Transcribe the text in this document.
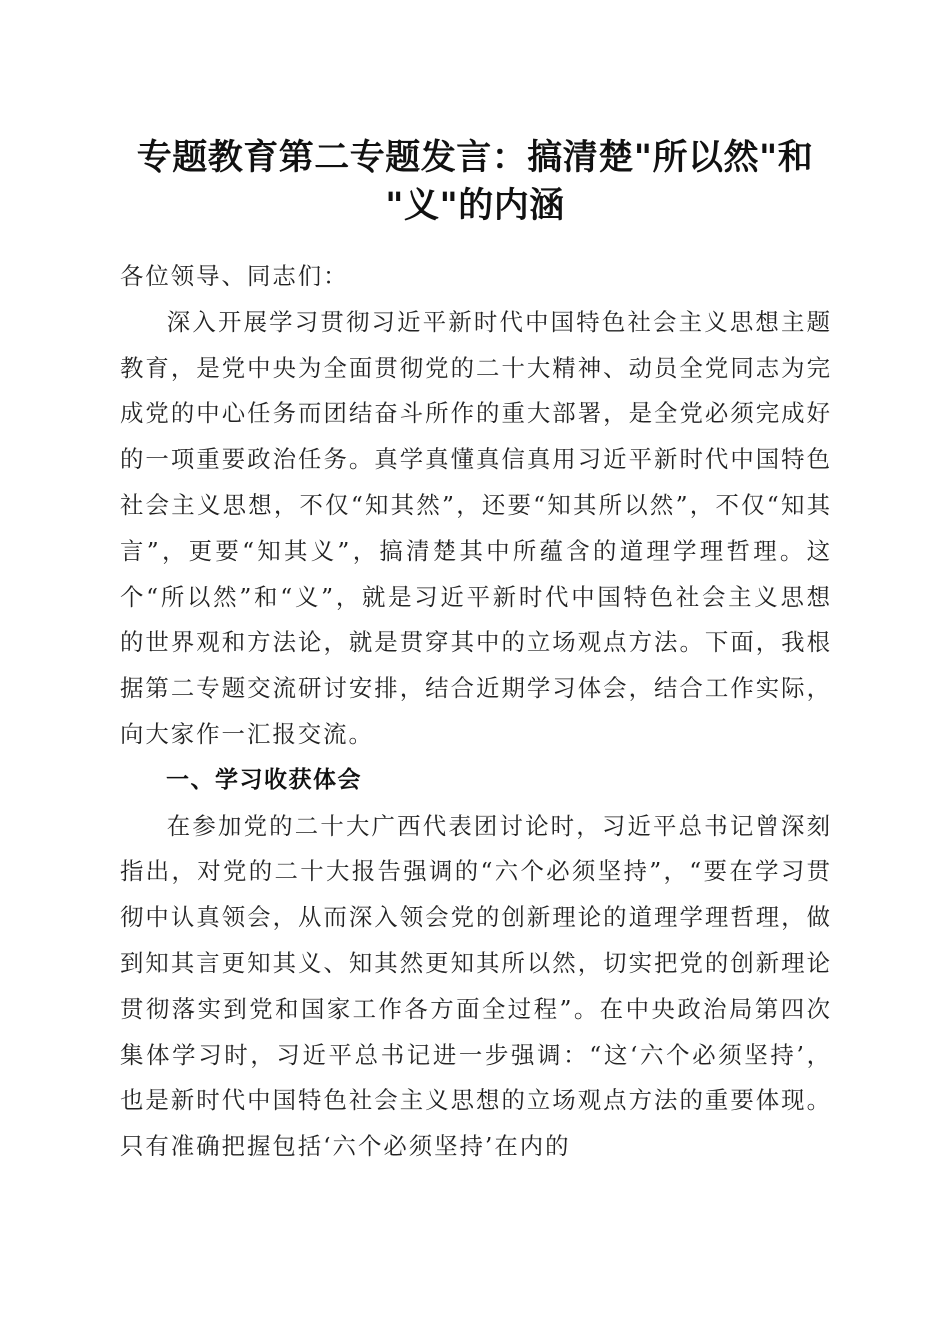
专题教育第二专题发言：搞清楚"所以然"和
"义"的内涵

各位领导、同志们：

深入开展学习贯彻习近平新时代中国特色社会主义思想主题教育，是党中央为全面贯彻党的二十大精神、动员全党同志为完成党的中心任务而团结奋斗所作的重大部署，是全党必须完成好的一项重要政治任务。真学真懂真信真用习近平新时代中国特色社会主义思想，不仅“知其然”，还要“知其所以然”，不仅“知其言”，更要“知其义”，搞清楚其中所蕴含的道理学理哲理。这个“所以然”和“义”，就是习近平新时代中国特色社会主义思想的世界观和方法论，就是贯穿其中的立场观点方法。下面，我根据第二专题交流研讨安排，结合近期学习体会，结合工作实际，向大家作一汇报交流。

一、学习收获体会

在参加党的二十大广西代表团讨论时，习近平总书记曾深刻指出，对党的二十大报告强调的“六个必须坚持”，“要在学习贯彻中认真领会，从而深入领会党的创新理论的道理学理哲理，做到知其言更知其义、知其然更知其所以然，切实把党的创新理论贯彻落实到党和国家工作各方面全过程”。在中央政治局第四次集体学习时，习近平总书记进一步强调：“这‘六个必须坚持’，也是新时代中国特色社会主义思想的立场观点方法的重要体现。只有准确把握包括‘六个必须坚持’在内的
